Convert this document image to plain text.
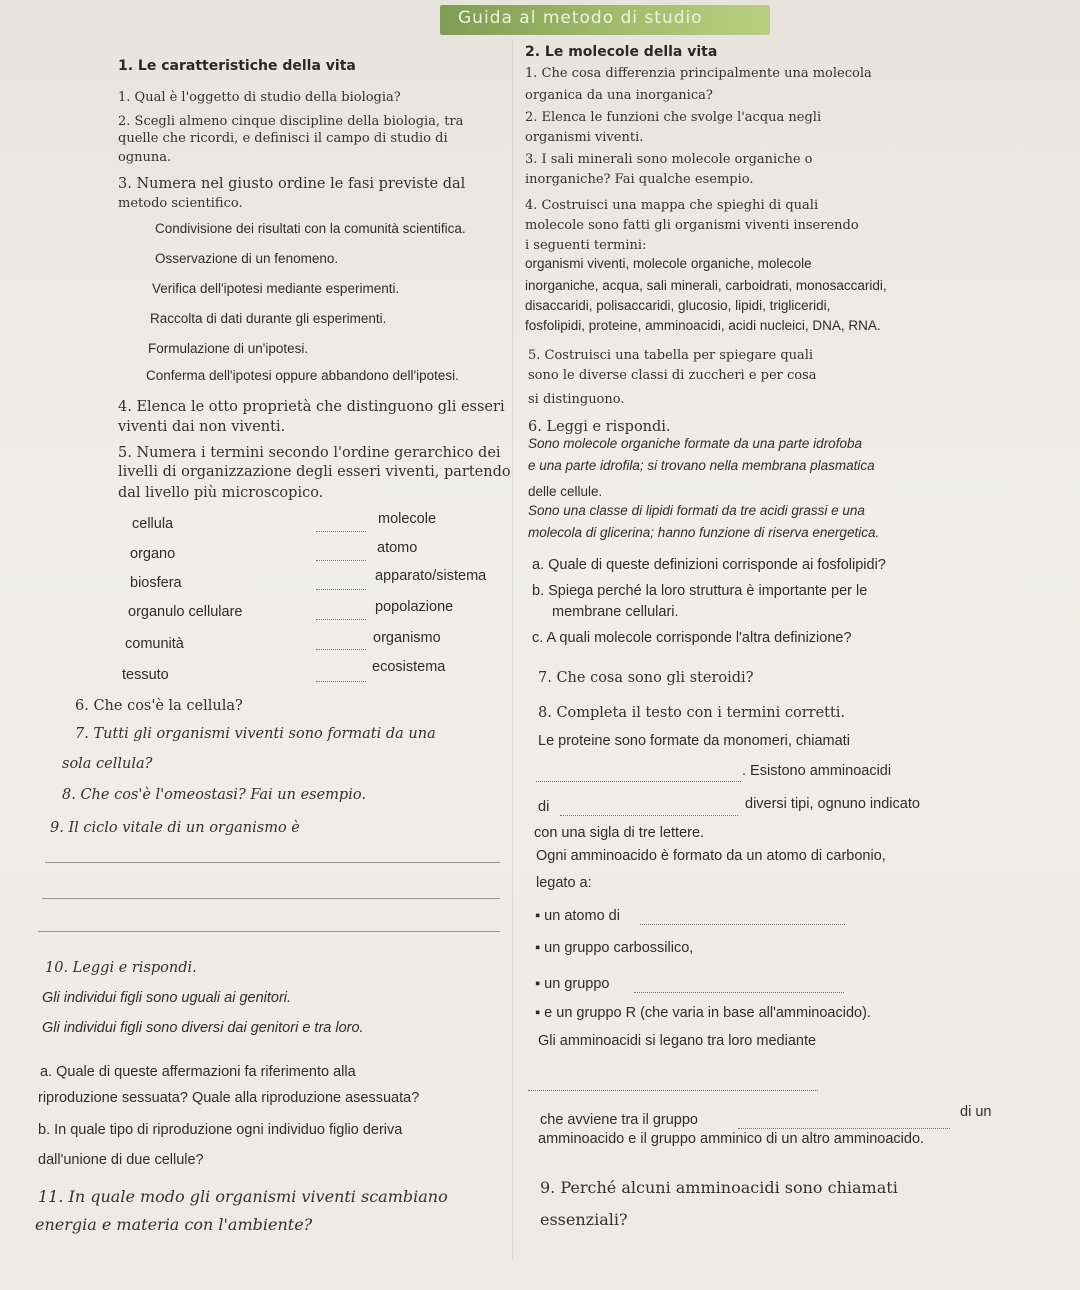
Guida al metodo di studio
1. Le caratteristiche della vita
1. Qual è l'oggetto di studio della biologia?
2. Scegli almeno cinque discipline della biologia, tra
quelle che ricordi, e definisci il campo di studio di
ognuna.
3. Numera nel giusto ordine le fasi previste dal
metodo scientifico.
Condivisione dei risultati con la comunità scientifica.
Osservazione di un fenomeno.
Verifica dell'ipotesi mediante esperimenti.
Raccolta di dati durante gli esperimenti.
Formulazione di un'ipotesi.
Conferma dell'ipotesi oppure abbandono dell'ipotesi.
4. Elenca le otto proprietà che distinguono gli esseri
viventi dai non viventi.
5. Numera i termini secondo l'ordine gerarchico dei
livelli di organizzazione degli esseri viventi, partendo
dal livello più microscopico.
cellula
organo
biosfera
organulo cellulare
comunità
tessuto
molecole
atomo
apparato/sistema
popolazione
organismo
ecosistema
6. Che cos'è la cellula?
7. Tutti gli organismi viventi sono formati da una
sola cellula?
8. Che cos'è l'omeostasi? Fai un esempio.
9. Il ciclo vitale di un organismo è
10. Leggi e rispondi.
Gli individui figli sono uguali ai genitori.
Gli individui figli sono diversi dai genitori e tra loro.
a. Quale di queste affermazioni fa riferimento alla
riproduzione sessuata? Quale alla riproduzione asessuata?
b. In quale tipo di riproduzione ogni individuo figlio deriva
dall'unione di due cellule?
11. In quale modo gli organismi viventi scambiano
energia e materia con l'ambiente?
2. Le molecole della vita
1. Che cosa differenzia principalmente una molecola
organica da una inorganica?
2. Elenca le funzioni che svolge l'acqua negli
organismi viventi.
3. I sali minerali sono molecole organiche o
inorganiche? Fai qualche esempio.
4. Costruisci una mappa che spieghi di quali
molecole sono fatti gli organismi viventi inserendo
i seguenti termini:
organismi viventi, molecole organiche, molecole
inorganiche, acqua, sali minerali, carboidrati, monosaccaridi,
disaccaridi, polisaccaridi, glucosio, lipidi, trigliceridi,
fosfolipidi, proteine, amminoacidi, acidi nucleici, DNA, RNA.
5. Costruisci una tabella per spiegare quali
sono le diverse classi di zuccheri e per cosa
si distinguono.
6. Leggi e rispondi.
Sono molecole organiche formate da una parte idrofoba
e una parte idrofila; si trovano nella membrana plasmatica
delle cellule.
Sono una classe di lipidi formati da tre acidi grassi e una
molecola di glicerina; hanno funzione di riserva energetica.
a. Quale di queste definizioni corrisponde ai fosfolipidi?
b. Spiega perché la loro struttura è importante per le
membrane cellulari.
c. A quali molecole corrisponde l'altra definizione?
7. Che cosa sono gli steroidi?
8. Completa il testo con i termini corretti.
Le proteine sono formate da monomeri, chiamati
. Esistono amminoacidi
di	diversi tipi, ognuno indicato
con una sigla di tre lettere.
Ogni amminoacido è formato da un atomo di carbonio,
legato a:
▪ un atomo di
▪ un gruppo carbossilico,
▪ un gruppo
▪ e un gruppo R (che varia in base all'amminoacido).
Gli amminoacidi si legano tra loro mediante
che avviene tra il gruppo	di un
amminoacido e il gruppo amminico di un altro amminoacido.
9. Perché alcuni amminoacidi sono chiamati
essenziali?
